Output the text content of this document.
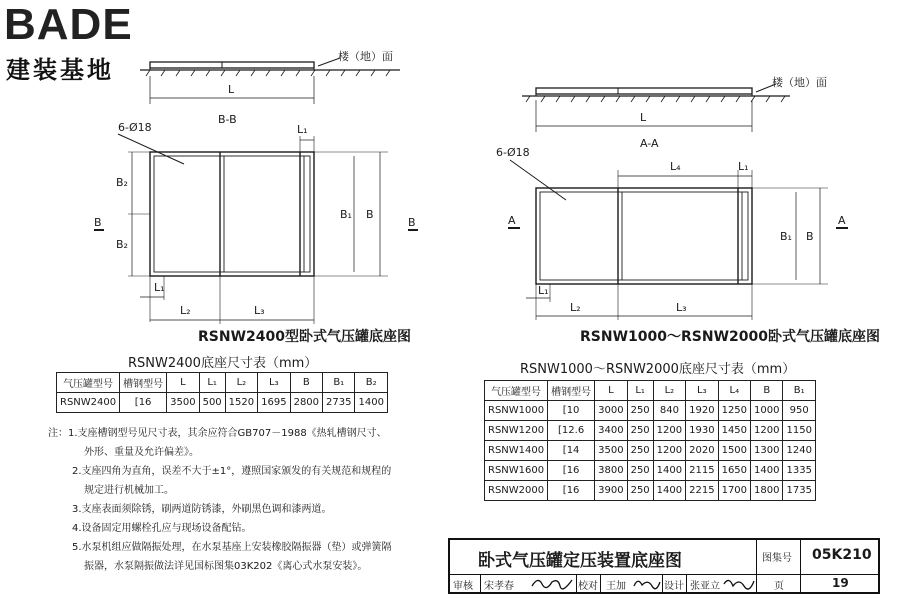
BADE
建装基地	楼（地）面
L
B-B
6-Ø18	L₁
B₂
B₂
B₁ B
B	B
L₁
L₂	L₃
楼（地）面
L
A-A
6-Ø18
L₄	L₁
B₁ B
A	A
L₁
L₂	L₃
RSNW2400型卧式气压罐底座图	RSNW1000～RSNW2000卧式气压罐底座图
RSNW2400底座尺寸表（mm）
气压罐型号	槽钢型号	L	L₁	L₂	L₃	B	B₁	B₂
RSNW2400	[16	3500	500	1520	1695	2800	2735	1400
RSNW1000～RSNW2000底座尺寸表（mm）
气压罐型号	槽钢型号	L	L₁	L₂	L₃	L₄	B	B₁
RSNW1000	[10	3000	250	840	1920	1250	1000	950
RSNW1200	[12.6	3400	250	1200	1930	1450	1200	1150
RSNW1400	[14	3500	250	1200	2020	1500	1300	1240
RSNW1600	[16	3800	250	1400	2115	1650	1400	1335
RSNW2000	[16	3900	250	1400	2215	1700	1800	1735
注：1.支座槽钢型号见尺寸表，其余应符合GB707－1988《热轧槽钢尺寸、
外形、重量及允许偏差》。
2.支座四角为直角，误差不大于±1°，遵照国家颁发的有关规范和规程的
规定进行机械加工。
3.支座表面须除锈，刷两道防锈漆，外刷黑色调和漆两道。
4.设备固定用螺栓孔应与现场设备配钻。
5.水泵机组应做隔振处理，在水泵基座上安装橡胶隔振器（垫）或弹簧隔
振器，水泵隔振做法详见国标图集03K202《离心式水泵安装》。	卧式气压罐定压装置底座图	图集号 05K210
审核 宋孝春	校对 王加	设计 张亚立	页	19
